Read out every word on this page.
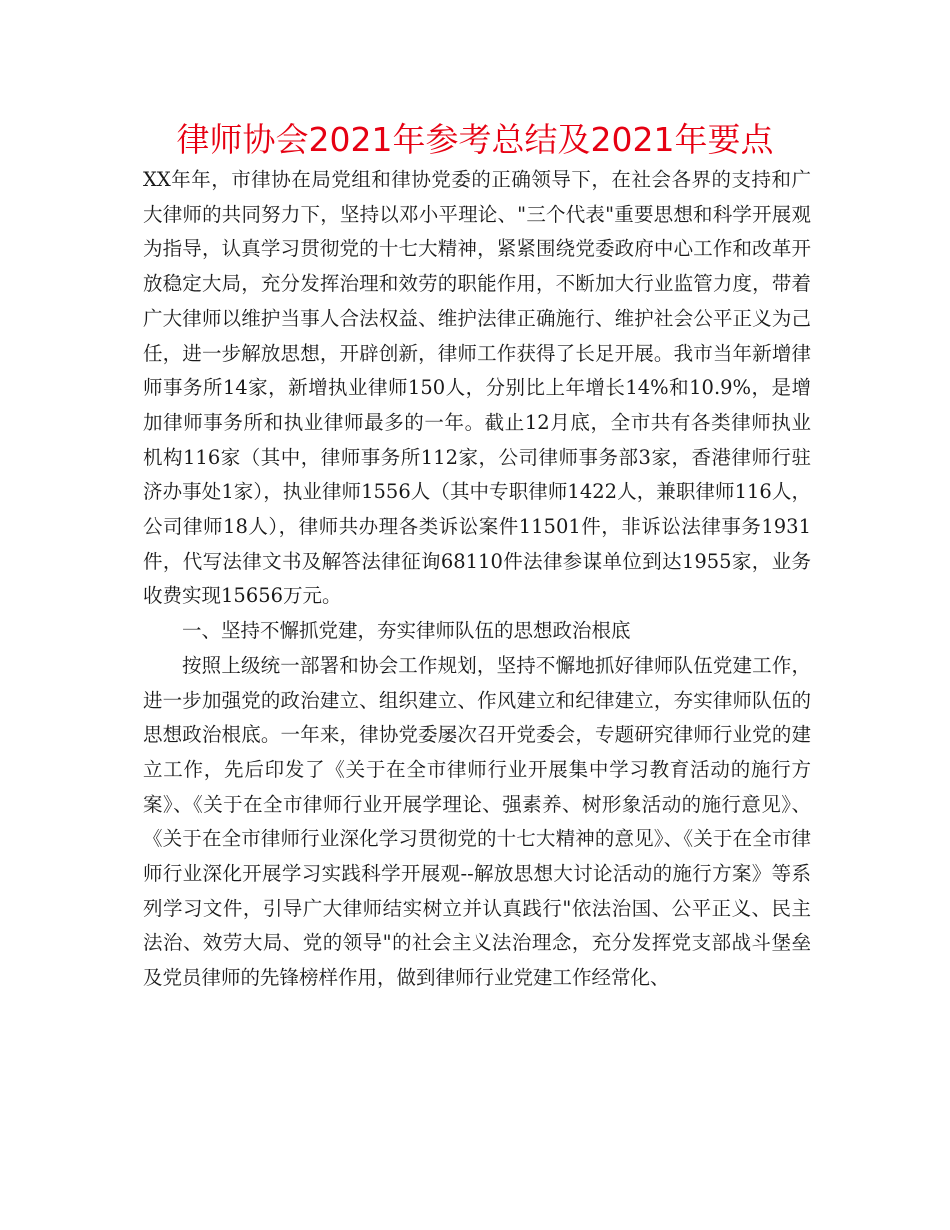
律师协会2021年参考总结及2021年要点

XX年年，市律协在局党组和律协党委的正确领导下，在社会各界的支持和广大律师的共同努力下，坚持以邓小平理论、"三个代表"重要思想和科学开展观为指导，认真学习贯彻党的十七大精神，紧紧围绕党委政府中心工作和改革开放稳定大局，充分发挥治理和效劳的职能作用，不断加大行业监管力度，带着广大律师以维护当事人合法权益、维护法律正确施行、维护社会公平正义为己任，进一步解放思想，开辟创新，律师工作获得了长足开展。我市当年新增律师事务所14家，新增执业律师150人，分别比上年增长14%和10.9%，是增加律师事务所和执业律师最多的一年。截止12月底，全市共有各类律师执业机构116家（其中，律师事务所112家，公司律师事务部3家，香港律师行驻济办事处1家），执业律师1556人（其中专职律师1422人，兼职律师116人，公司律师18人），律师共办理各类诉讼案件11501件，非诉讼法律事务1931件，代写法律文书及解答法律征询68110件法律参谋单位到达1955家，业务收费实现15656万元。

一、坚持不懈抓党建，夯实律师队伍的思想政治根底

按照上级统一部署和协会工作规划，坚持不懈地抓好律师队伍党建工作，进一步加强党的政治建立、组织建立、作风建立和纪律建立，夯实律师队伍的思想政治根底。一年来，律协党委屡次召开党委会，专题研究律师行业党的建立工作，先后印发了《关于在全市律师行业开展集中学习教育活动的施行方案》、《关于在全市律师行业开展学理论、强素养、树形象活动的施行意见》、《关于在全市律师行业深化学习贯彻党的十七大精神的意见》、《关于在全市律师行业深化开展学习实践科学开展观--解放思想大讨论活动的施行方案》等系列学习文件，引导广大律师结实树立并认真践行"依法治国、公平正义、民主法治、效劳大局、党的领导"的社会主义法治理念，充分发挥党支部战斗堡垒及党员律师的先锋榜样作用，做到律师行业党建工作经常化、
